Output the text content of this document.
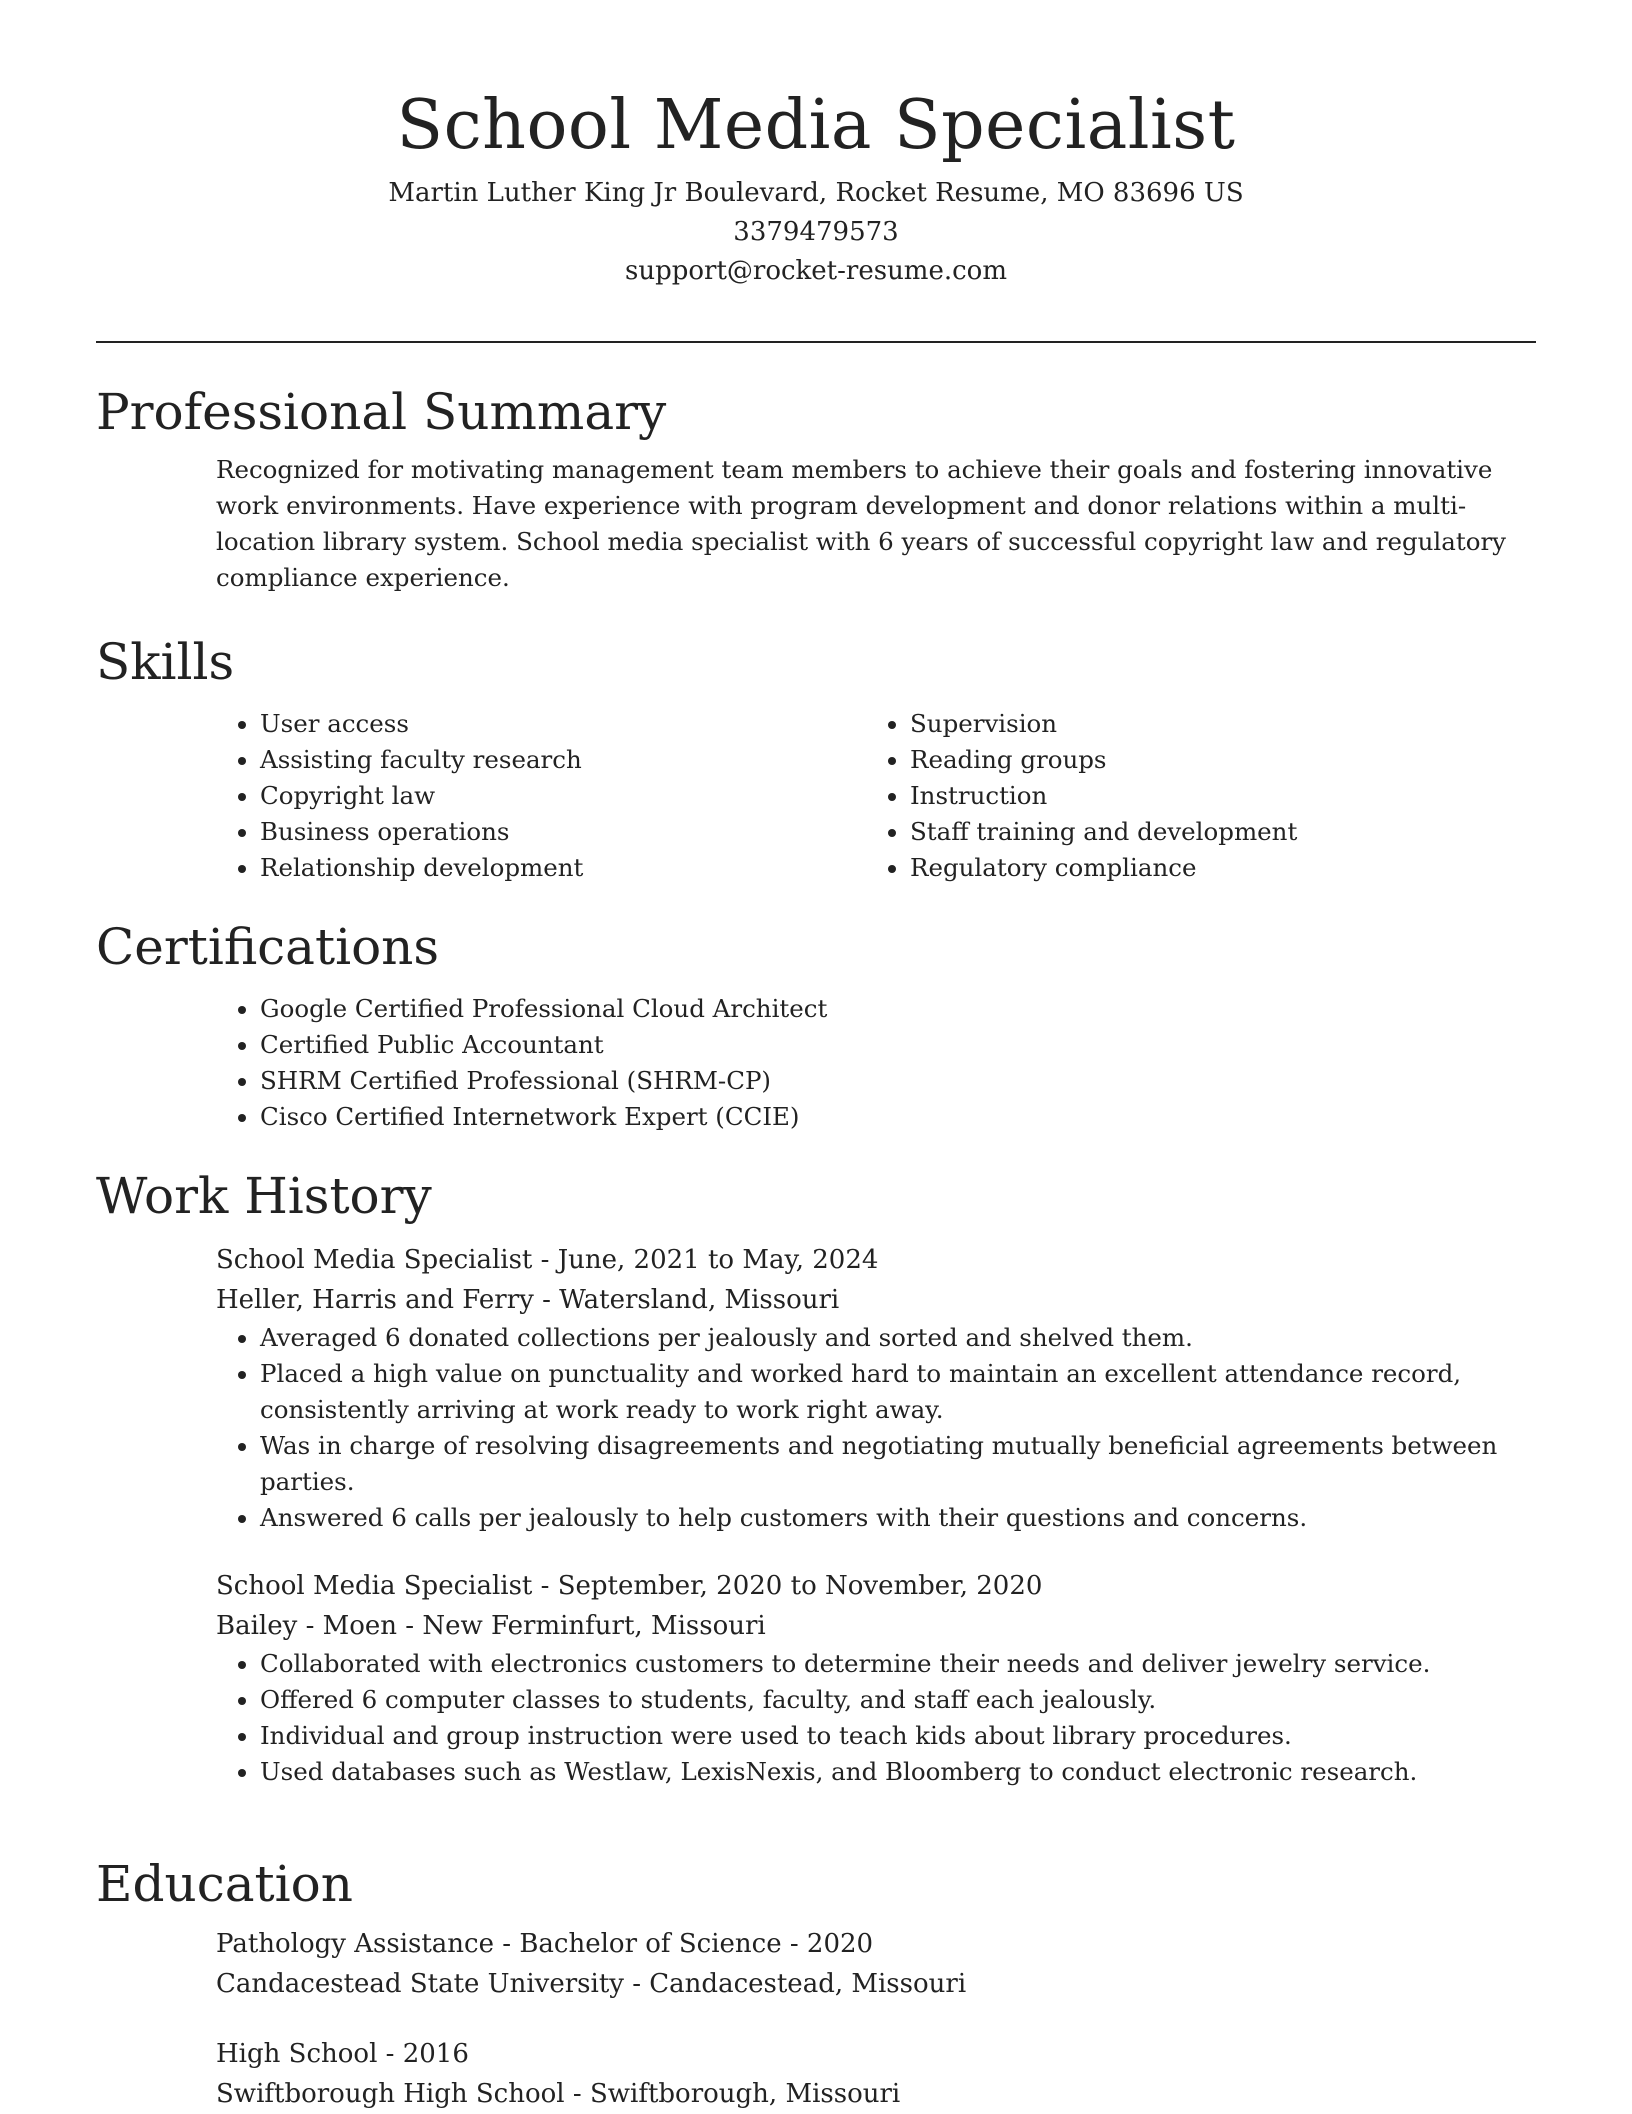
School Media Specialist

Martin Luther King Jr Boulevard, Rocket Resume, MO 83696 US

3379479573

support@rocket-resume.com

Professional Summary
Recognized for motivating management team members to achieve their goals and fostering innovative work environments. Have experience with program development and donor relations within a multi-location library system. School media specialist with 6 years of successful copyright law and regulatory compliance experience.
Skills
• User access
• Assisting faculty research
• Copyright law
• Business operations
• Relationship development
• Supervision
• Reading groups
• Instruction
• Staff training and development
• Regulatory compliance
Certifications
• Google Certified Professional Cloud Architect
• Certified Public Accountant
• SHRM Certified Professional (SHRM-CP)
• Cisco Certified Internetwork Expert (CCIE)
Work History
School Media Specialist - June, 2021 to May, 2024
Heller, Harris and Ferry - Watersland, Missouri
• Averaged 6 donated collections per jealously and sorted and shelved them.
• Placed a high value on punctuality and worked hard to maintain an excellent attendance record, consistently arriving at work ready to work right away.
• Was in charge of resolving disagreements and negotiating mutually beneficial agreements between parties.
• Answered 6 calls per jealously to help customers with their questions and concerns.
School Media Specialist - September, 2020 to November, 2020
Bailey - Moen - New Ferminfurt, Missouri
• Collaborated with electronics customers to determine their needs and deliver jewelry service.
• Offered 6 computer classes to students, faculty, and staff each jealously.
• Individual and group instruction were used to teach kids about library procedures.
• Used databases such as Westlaw, LexisNexis, and Bloomberg to conduct electronic research.
Education
Pathology Assistance - Bachelor of Science - 2020
Candacestead State University - Candacestead, Missouri
High School - 2016
Swiftborough High School - Swiftborough, Missouri
